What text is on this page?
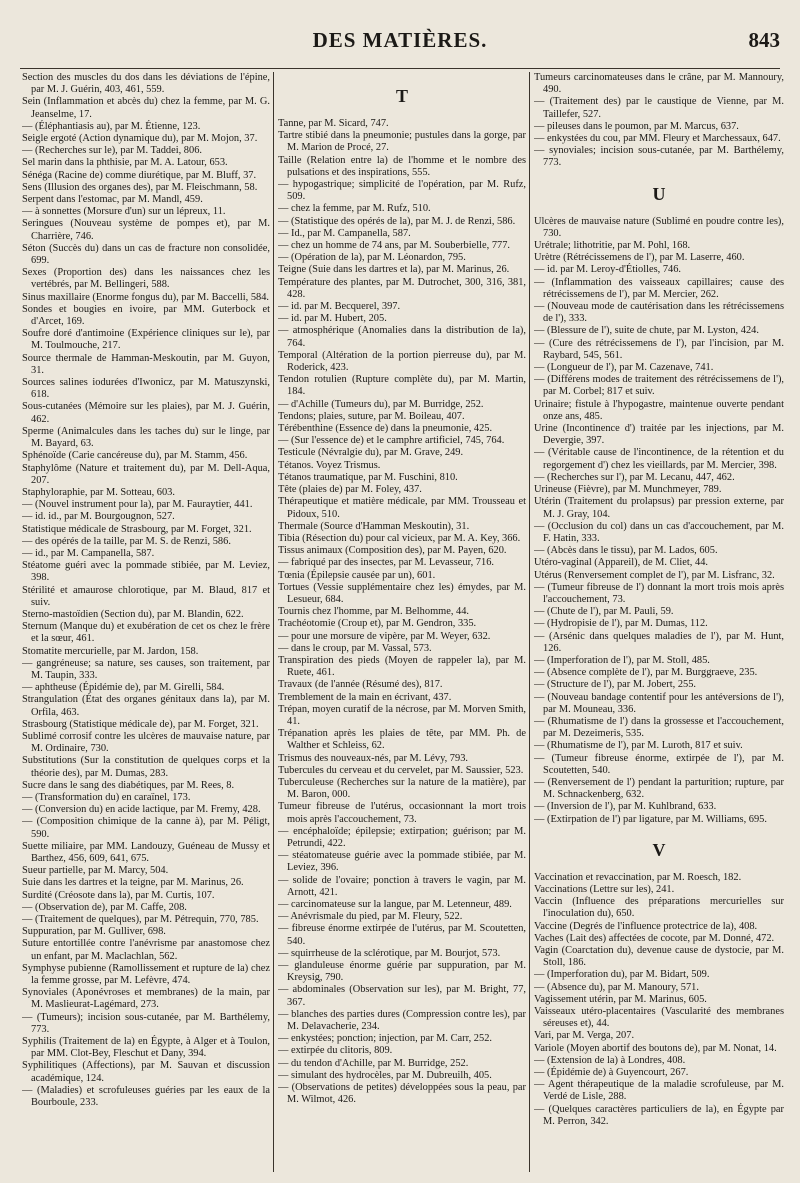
DES MATIÈRES.	843
Section des muscles du dos dans les déviations de l'épine, par M. J. Guérin, 403, 461, 559.
Sein (Inflammation et abcès du) chez la femme, par M. G. Jeanselme, 17.
— (Éléphantiasis au), par M. Étienne, 123.
Seigle ergoté (Action dynamique du), par M. Mojon, 37.
— (Recherches sur le), par M. Taddei, 806.
Sel marin dans la phthisie, par M. A. Latour, 653.
Sénéga (Racine de) comme diurétique, par M. Bluff, 37.
Sens (Illusion des organes des), par M. Fleischmann, 58.
Serpent dans l'estomac, par M. Mandl, 459.
— à sonnettes (Morsure d'un) sur un lépreux, 11.
Seringues (Nouveau système de pompes et), par M. Charrière, 746.
Séton (Succès du) dans un cas de fracture non consolidée, 699.
Sexes (Proportion des) dans les naissances chez les vertébrés, par M. Bellingeri, 588.
Sinus maxillaire (Enorme fongus du), par M. Baccelli, 584.
Sondes et bougies en ivoire, par MM. Guterbock et d'Arcet, 169.
Soufre doré d'antimoine (Expérience cliniques sur le), par M. Toulmouche, 217.
Source thermale de Hamman-Meskoutin, par M. Guyon, 31.
Sources salines iodurées d'Iwonicz, par M. Matuszynski, 618.
Sous-cutanées (Mémoire sur les plaies), par M. J. Guérin, 462.
Sperme (Animalcules dans les taches du) sur le linge, par M. Bayard, 63.
Sphénoïde (Carie cancéreuse du), par M. Stamm, 456.
Staphylôme (Nature et traitement du), par M. Dell-Aqua, 207.
Staphyloraphie, par M. Sotteau, 603.
— (Nouvel instrument pour la), par M. Fauraytier, 441.
— id. id., par M. Bourgougnon, 527.
Statistique médicale de Strasbourg, par M. Forget, 321.
— des opérés de la taille, par M. S. de Renzi, 586.
— id., par M. Campanella, 587.
Stéatome guéri avec la pommade stibiée, par M. Leviez, 398.
Stérilité et amaurose chlorotique, par M. Blaud, 817 et suiv.
Sterno-mastoïdien (Section du), par M. Blandin, 622.
Sternum (Manque du) et exubération de cet os chez le frère et la sœur, 461.
Stomatite mercurielle, par M. Jardon, 158.
— gangréneuse; sa nature, ses causes, son traitement, par M. Taupin, 333.
— aphtheuse (Épidémie de), par M. Girelli, 584.
Strangulation (État des organes génitaux dans la), par M. Orfila, 463.
Strasbourg (Statistique médicale de), par M. Forget, 321.
Sublimé corrosif contre les ulcères de mauvaise nature, par M. Ordinaire, 730.
Substitutions (Sur la constitution de quelques corps et la théorie des), par M. Dumas, 283.
Sucre dans le sang des diabétiques, par M. Rees, 8.
— (Transformation du) en caraïnel, 173.
— (Conversion du) en acide lactique, par M. Fremy, 428.
— (Composition chimique de la canne à), par M. Péligt, 590.
Suette miliaire, par MM. Landouzy, Guéneau de Mussy et Barthez, 456, 609, 641, 675.
Sueur partielle, par M. Marcy, 504.
Suie dans les dartres et la teigne, par M. Marinus, 26.
Surdité (Créosote dans la), par M. Curtis, 107.
— (Observation de), par M. Caffe, 208.
— (Traitement de quelques), par M. Pétrequin, 770, 785.
Suppuration, par M. Gulliver, 698.
Suture entortillée contre l'anévrisme par anastomose chez un enfant, par M. Maclachlan, 562.
Symphyse pubienne (Ramollissement et rupture de la) chez la femme grosse, par M. Lefèvre, 474.
Synoviales (Aponévroses et membranes) de la main, par M. Maslieurat-Lagémard, 273.
— (Tumeurs); incision sous-cutanée, par M. Barthélemy, 773.
Syphilis (Traitement de la) en Égypte, à Alger et à Toulon, par MM. Clot-Bey, Fleschut et Dany, 394.
Syphilitiques (Affections), par M. Sauvan et discussion académique, 124.
— (Maladies) et scrofuleuses guéries par les eaux de la Bourboule, 233.
T
Tanne, par M. Sicard, 747.
Tartre stibié dans la pneumonie; pustules dans la gorge, par M. Marion de Procé, 27.
Taille (Relation entre la) de l'homme et le nombre des pulsations et des inspirations, 555.
— hypogastrique; simplicité de l'opération, par M. Rufz, 509.
— chez la femme, par M. Rufz, 510.
— (Statistique des opérés de la), par M. J. de Renzi, 586.
— Id., par M. Campanella, 587.
— chez un homme de 74 ans, par M. Souberbielle, 777.
— (Opération de la), par M. Léonardon, 795.
Teigne (Suie dans les dartres et la), par M. Marinus, 26.
Température des plantes, par M. Dutrochet, 300, 316, 381, 428.
— id. par M. Becquerel, 397.
— id. par M. Hubert, 205.
— atmosphérique (Anomalies dans la distribution de la), 764.
Temporal (Altération de la portion pierreuse du), par M. Roderick, 423.
Tendon rotulien (Rupture complète du), par M. Martin, 184.
— d'Achille (Tumeurs du), par M. Burridge, 252.
Tendons; plaies, suture, par M. Boileau, 407.
Térébenthine (Essence de) dans la pneumonie, 425.
— (Sur l'essence de) et le camphre artificiel, 745, 764.
Testicule (Névralgie du), par M. Grave, 249.
Tétanos. Voyez Trismus.
Tétanos traumatique, par M. Fuschini, 810.
Tête (plaies de) par M. Foley, 437.
Thérapeutique et matière médicale, par MM. Trousseau et Pidoux, 510.
Thermale (Source d'Hamman Meskoutin), 31.
Tibia (Résection du) pour cal vicieux, par M. A. Key, 366.
Tissus animaux (Composition des), par M. Payen, 620.
— fabriqué par des insectes, par M. Levasseur, 716.
Tœnia (Épilepsie causée par un), 601.
Tortues (Vessie supplémentaire chez les) émydes, par M. Lesueur, 684.
Tournis chez l'homme, par M. Belhomme, 44.
Trachéotomie (Croup et), par M. Gendron, 335.
— pour une morsure de vipère, par M. Weyer, 632.
— dans le croup, par M. Vassal, 573.
Transpiration des pieds (Moyen de rappeler la), par M. Ruete, 461.
Travaux (de l'année (Résumé des), 817.
Tremblement de la main en écrivant, 437.
Trépan, moyen curatif de la nécrose, par M. Morven Smith, 41.
Trépanation après les plaies de tête, par MM. Ph. de Walther et Schleiss, 62.
Trismus des nouveaux-nés, par M. Lévy, 793.
Tubercules du cerveau et du cervelet, par M. Saussier, 523.
Tuberculeuse (Recherches sur la nature de la matière), par M. Baron, 000.
Tumeur fibreuse de l'utérus, occasionnant la mort trois mois après l'accouchement, 73.
— encéphaloïde; épilepsie; extirpation; guérison; par M. Petrundi, 422.
— stéatomateuse guérie avec la pommade stibiée, par M. Leviez, 396.
— solide de l'ovaire; ponction à travers le vagin, par M. Arnott, 421.
— carcinomateuse sur la langue, par M. Letenneur, 489.
— Anévrismale du pied, par M. Fleury, 522.
— fibreuse énorme extirpée de l'utérus, par M. Scoutetten, 540.
— squirrheuse de la sclérotique, par M. Bourjot, 573.
— glanduleuse énorme guérie par suppuration, par M. Kreysig, 790.
— abdominales (Observation sur les), par M. Bright, 77, 367.
— blanches des parties dures (Compression contre les), par M. Delavacherie, 234.
— enkystées; ponction; injection, par M. Carr, 252.
— extirpée du clitoris, 809.
— du tendon d'Achille, par M. Burridge, 252.
— simulant des hydrocèles, par M. Dubreuilh, 405.
— (Observations de petites) développées sous la peau, par M. Wilmot, 426.
Tumeurs carcinomateuses dans le crâne, par M. Mannoury, 490.
— (Traitement des) par le caustique de Vienne, par M. Taillefer, 527.
— pileuses dans le poumon, par M. Marcus, 637.
— enkystées du cou, par MM. Fleury et Marchessaux, 647.
— synoviales; incision sous-cutanée, par M. Barthélemy, 773.
U
Ulcères de mauvaise nature (Sublimé en poudre contre les), 730.
Urétrale; lithotritie, par M. Pohl, 168.
Urètre (Rétrécissemens de l'), par M. Laserre, 460.
— id. par M. Leroy-d'Étiolles, 746.
— (Inflammation des vaisseaux capillaires; cause des rétrécissemens de l'), par M. Mercier, 262.
— (Nouveau mode de cautérisation dans les rétrécissemens de l'), 333.
— (Blessure de l'), suite de chute, par M. Lyston, 424.
— (Cure des rétrécissemens de l'), par l'incision, par M. Raybard, 545, 561.
— (Longueur de l'), par M. Cazenave, 741.
— (Différens modes de traitement des rétrécissemens de l'), par M. Corbel; 817 et suiv.
Urinaire; fistule à l'hypogastre, maintenue ouverte pendant onze ans, 485.
Urine (Incontinence d') traitée par les injections, par M. Devergie, 397.
— (Véritable cause de l'incontinence, de la rétention et du regorgement d') chez les vieillards, par M. Mercier, 398.
— (Recherches sur l'), par M. Lecanu, 447, 462.
Urineuse (Fièvre), par M. Munchmeyer, 789.
Utérin (Traitement du prolapsus) par pression externe, par M. J. Gray, 104.
— (Occlusion du col) dans un cas d'accouchement, par M. F. Hatin, 333.
— (Abcès dans le tissu), par M. Lados, 605.
Utéro-vaginal (Appareil), de M. Cliet, 44.
Utérus (Renversement complet de l'), par M. Lisfranc, 32.
— (Tumeur fibreuse de l') donnant la mort trois mois après l'accouchement, 73.
— (Chute de l'), par M. Pauli, 59.
— (Hydropisie de l'), par M. Dumas, 112.
— (Arsénic dans quelques maladies de l'), par M. Hunt, 126.
— (Imperforation de l'), par M. Stoll, 485.
— (Absence complète de l'), par M. Burggraeve, 235.
— (Structure de l'), par M. Jobert, 255.
— (Nouveau bandage contentif pour les antéversions de l'), par M. Mouneau, 336.
— (Rhumatisme de l') dans la grossesse et l'accouchement, par M. Dezeimeris, 535.
— (Rhumatisme de l'), par M. Luroth, 817 et suiv.
— (Tumeur fibreuse énorme, extirpée de l'), par M. Scoutetten, 540.
— (Renversement de l') pendant la parturition; rupture, par M. Schnackenberg, 632.
— (Inversion de l'), par M. Kuhlbrand, 633.
— (Extirpation de l') par ligature, par M. Williams, 695.
V
Vaccination et revaccination, par M. Roesch, 182.
Vaccinations (Lettre sur les), 241.
Vaccin (Influence des préparations mercurielles sur l'inoculation du), 650.
Vaccine (Degrés de l'influence protectrice de la), 408.
Vaches (Lait des) affectées de cocote, par M. Donné, 472.
Vagin (Coarctation du), devenue cause de dystocie, par M. Stoll, 186.
— (Imperforation du), par M. Bidart, 509.
— (Absence du), par M. Manoury, 571.
Vagissement utérin, par M. Marinus, 605.
Vaisseaux utéro-placentaires (Vascularité des membranes séreuses et), 44.
Vari, par M. Verga, 207.
Variole (Moyen abortif des boutons de), par M. Nonat, 14.
— (Extension de la) à Londres, 408.
— (Épidémie de) à Guyencourt, 267.
— Agent thérapeutique de la maladie scrofuleuse, par M. Verdé de Lisle, 288.
— (Quelques caractères particuliers de la), en Égypte par M. Perron, 342.
